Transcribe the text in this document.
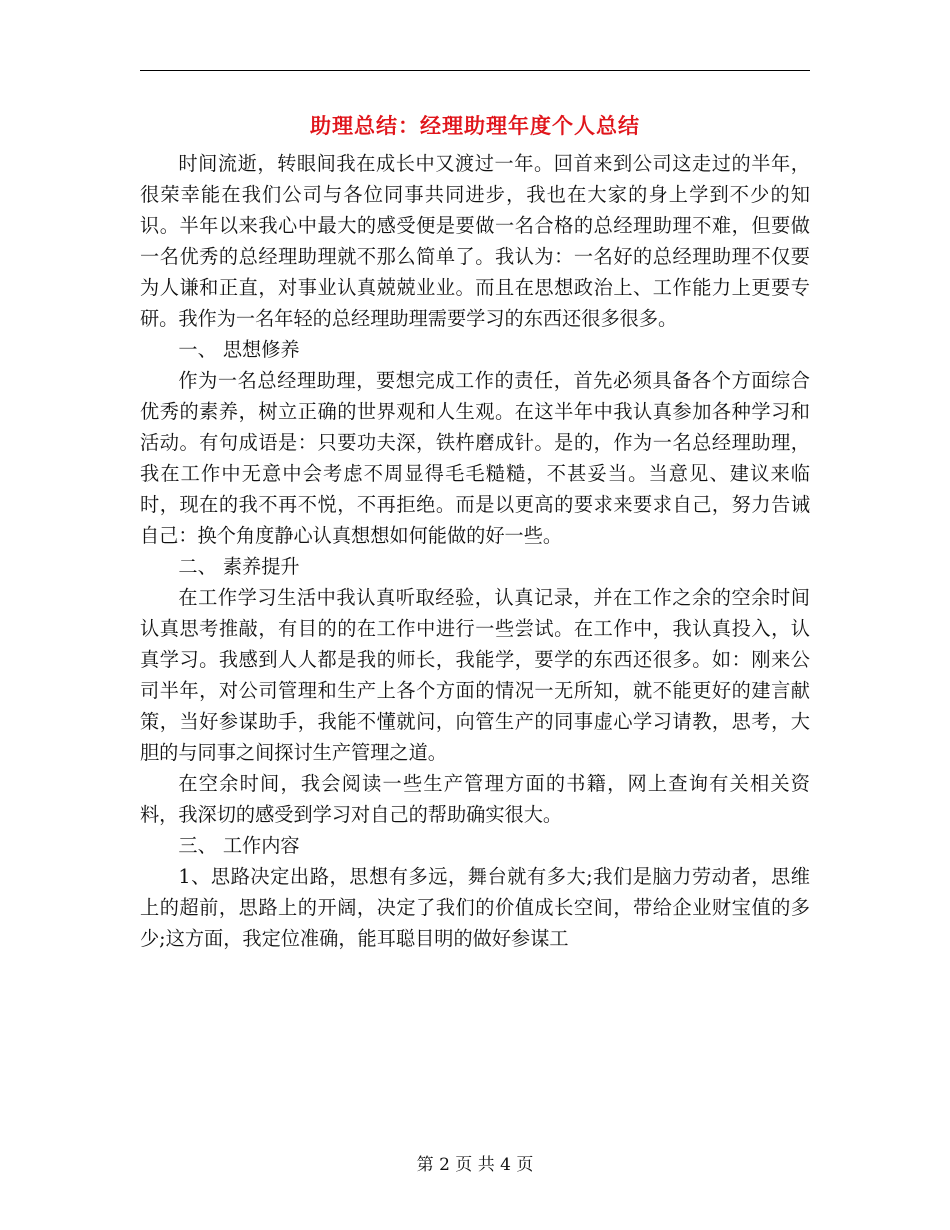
助理总结：经理助理年度个人总结

时间流逝，转眼间我在成长中又渡过一年。回首来到公司这走过的半年，很荣幸能在我们公司与各位同事共同进步，我也在大家的身上学到不少的知识。半年以来我心中最大的感受便是要做一名合格的总经理助理不难，但要做一名优秀的总经理助理就不那么简单了。我认为：一名好的总经理助理不仅要为人谦和正直，对事业认真兢兢业业。而且在思想政治上、工作能力上更要专研。我作为一名年轻的总经理助理需要学习的东西还很多很多。

一、 思想修养

作为一名总经理助理，要想完成工作的责任，首先必须具备各个方面综合优秀的素养，树立正确的世界观和人生观。在这半年中我认真参加各种学习和活动。有句成语是：只要功夫深，铁杵磨成针。是的，作为一名总经理助理，我在工作中无意中会考虑不周显得毛毛糙糙，不甚妥当。当意见、建议来临时，现在的我不再不悦，不再拒绝。而是以更高的要求来要求自己，努力告诫自己：换个角度静心认真想想如何能做的好一些。

二、 素养提升

在工作学习生活中我认真听取经验，认真记录，并在工作之余的空余时间认真思考推敲，有目的的在工作中进行一些尝试。在工作中，我认真投入，认真学习。我感到人人都是我的师长，我能学，要学的东西还很多。如：刚来公司半年，对公司管理和生产上各个方面的情况一无所知，就不能更好的建言献策，当好参谋助手，我能不懂就问，向管生产的同事虚心学习请教，思考，大胆的与同事之间探讨生产管理之道。

在空余时间，我会阅读一些生产管理方面的书籍，网上查询有关相关资料，我深切的感受到学习对自己的帮助确实很大。

三、 工作内容

1、思路决定出路，思想有多远，舞台就有多大;我们是脑力劳动者，思维上的超前，思路上的开阔，决定了我们的价值成长空间，带给企业财宝值的多少;这方面，我定位准确，能耳聪目明的做好参谋工

第 2 页 共 4 页
